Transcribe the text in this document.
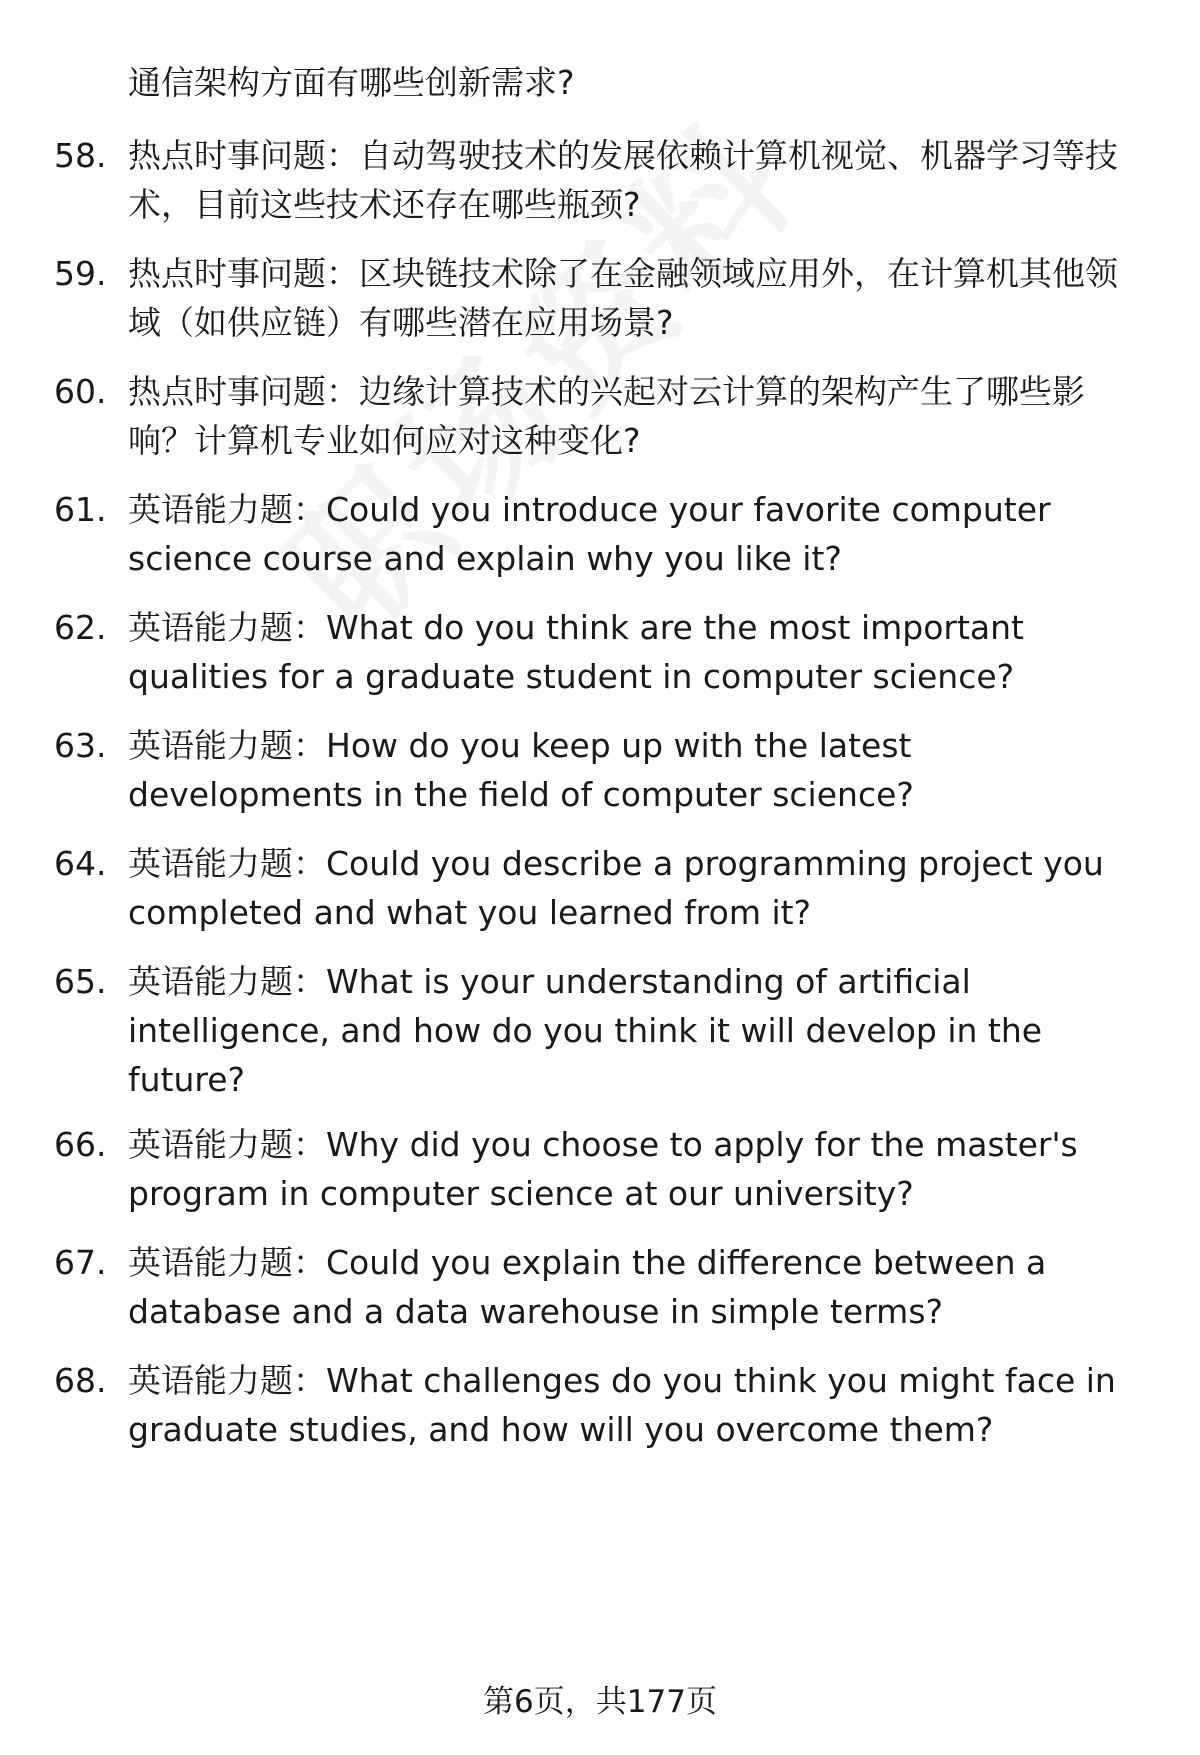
通信架构方面有哪些创新需求?
58. 热点时事问题：自动驾驶技术的发展依赖计算机视觉、机器学习等技术，目前这些技术还存在哪些瓶颈?
59. 热点时事问题：区块链技术除了在金融领域应用外，在计算机其他领域（如供应链）有哪些潜在应用场景?
60. 热点时事问题：边缘计算技术的兴起对云计算的架构产生了哪些影响？计算机专业如何应对这种变化?
61. 英语能力题：Could you introduce your favorite computer science course and explain why you like it?
62. 英语能力题：What do you think are the most important qualities for a graduate student in computer science?
63. 英语能力题：How do you keep up with the latest developments in the field of computer science?
64. 英语能力题：Could you describe a programming project you completed and what you learned from it?
65. 英语能力题：What is your understanding of artificial intelligence, and how do you think it will develop in the future?
66. 英语能力题：Why did you choose to apply for the master's program in computer science at our university?
67. 英语能力题：Could you explain the difference between a database and a data warehouse in simple terms?
68. 英语能力题：What challenges do you think you might face in graduate studies, and how will you overcome them?
第6页，共177页
